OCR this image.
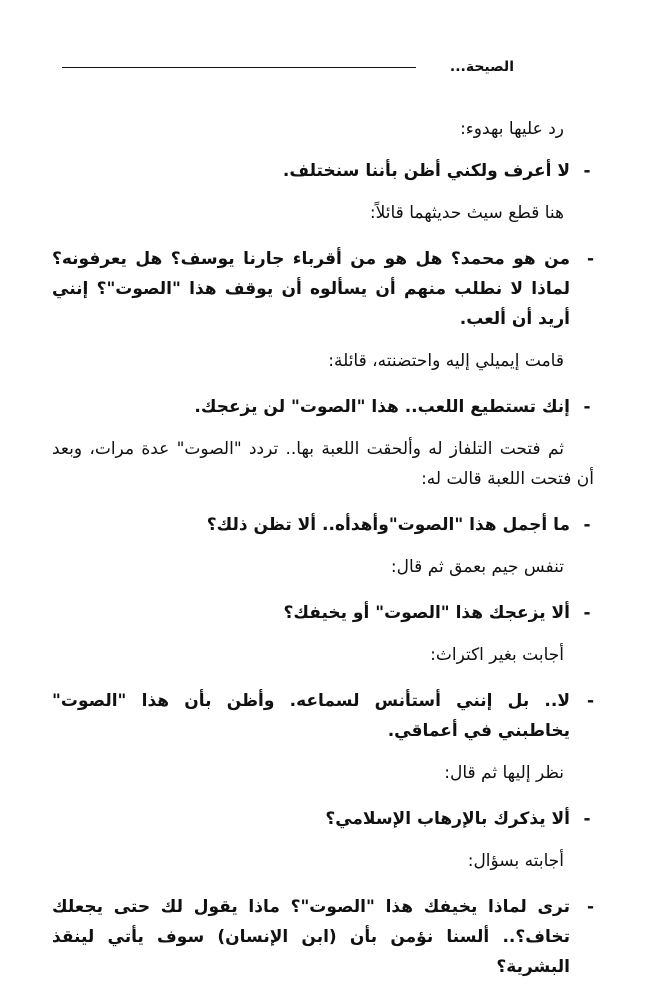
الصيحة...

رد عليها بهدوء:

-
لا أعرف ولكني أظن بأننا سنختلف.

هنا قطع سيث حديثهما قائلاً:

-
من هو محمد؟ هل هو من أقرباء جارنا يوسف؟ هل يعرفونه؟ لماذا لا نطلب منهم أن يسألوه أن يوقف هذا "الصوت"؟ إنني أريد أن ألعب.

قامت إيميلي إليه واحتضنته، قائلة:

-
إنك تستطيع اللعب.. هذا "الصوت" لن يزعجك.

ثم فتحت التلفاز له وألحقت اللعبة بها.. تردد "الصوت" عدة مرات، وبعد أن فتحت اللعبة قالت له:

-
ما أجمل هذا "الصوت"وأهدأه.. ألا تظن ذلك؟

تنفس جيم بعمق ثم قال:

-
ألا يزعجك هذا "الصوت" أو يخيفك؟

أجابت بغير اكتراث:

-
لا.. بل إنني أستأنس لسماعه. وأظن بأن هذا "الصوت" يخاطبني في أعماقي.

نظر إليها ثم قال:

-
ألا يذكرك بالإرهاب الإسلامي؟

أجابته بسؤال:

-
ترى لماذا يخيفك هذا "الصوت"؟ ماذا يقول لك حتى يجعلك تخاف؟.. ألسنا نؤمن بأن (ابن الإنسان) سوف يأتي لينقذ البشرية؟
